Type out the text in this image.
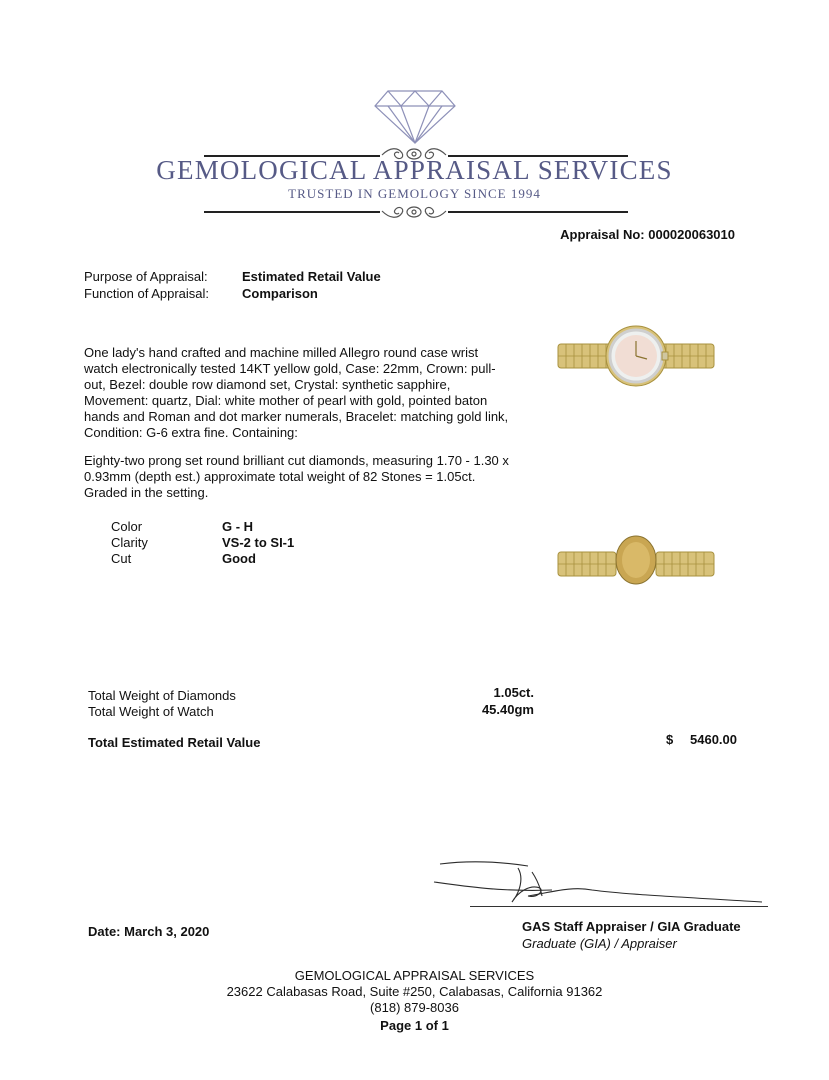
GEMOLOGICAL APPRAISAL SERVICES
TRUSTED IN GEMOLOGY SINCE 1994
Appraisal No: 000020063010
Purpose of Appraisal:	Estimated Retail Value
Function of Appraisal:	Comparison
One lady's hand crafted and machine milled Allegro round case wrist watch electronically tested 14KT yellow gold, Case: 22mm, Crown: pull-out, Bezel: double row diamond set, Crystal: synthetic sapphire, Movement: quartz, Dial: white mother of pearl with gold, pointed baton hands and Roman and dot marker numerals, Bracelet: matching gold link, Condition: G-6 extra fine. Containing:
Eighty-two prong set round brilliant cut diamonds, measuring 1.70 - 1.30 x 0.93mm (depth est.) approximate total weight of 82 Stones = 1.05ct. Graded in the setting.
Color	G - H
Clarity	VS-2 to SI-1
Cut	Good
Total Weight of Diamonds	1.05ct.
Total Weight of Watch	45.40gm
Total Estimated Retail Value	$ 5460.00
Date: March 3, 2020	GAS Staff Appraiser / GIA Graduate
Graduate (GIA) / Appraiser
GEMOLOGICAL APPRAISAL SERVICES
23622 Calabasas Road, Suite #250, Calabasas, California 91362
(818) 879-8036
Page 1 of 1
